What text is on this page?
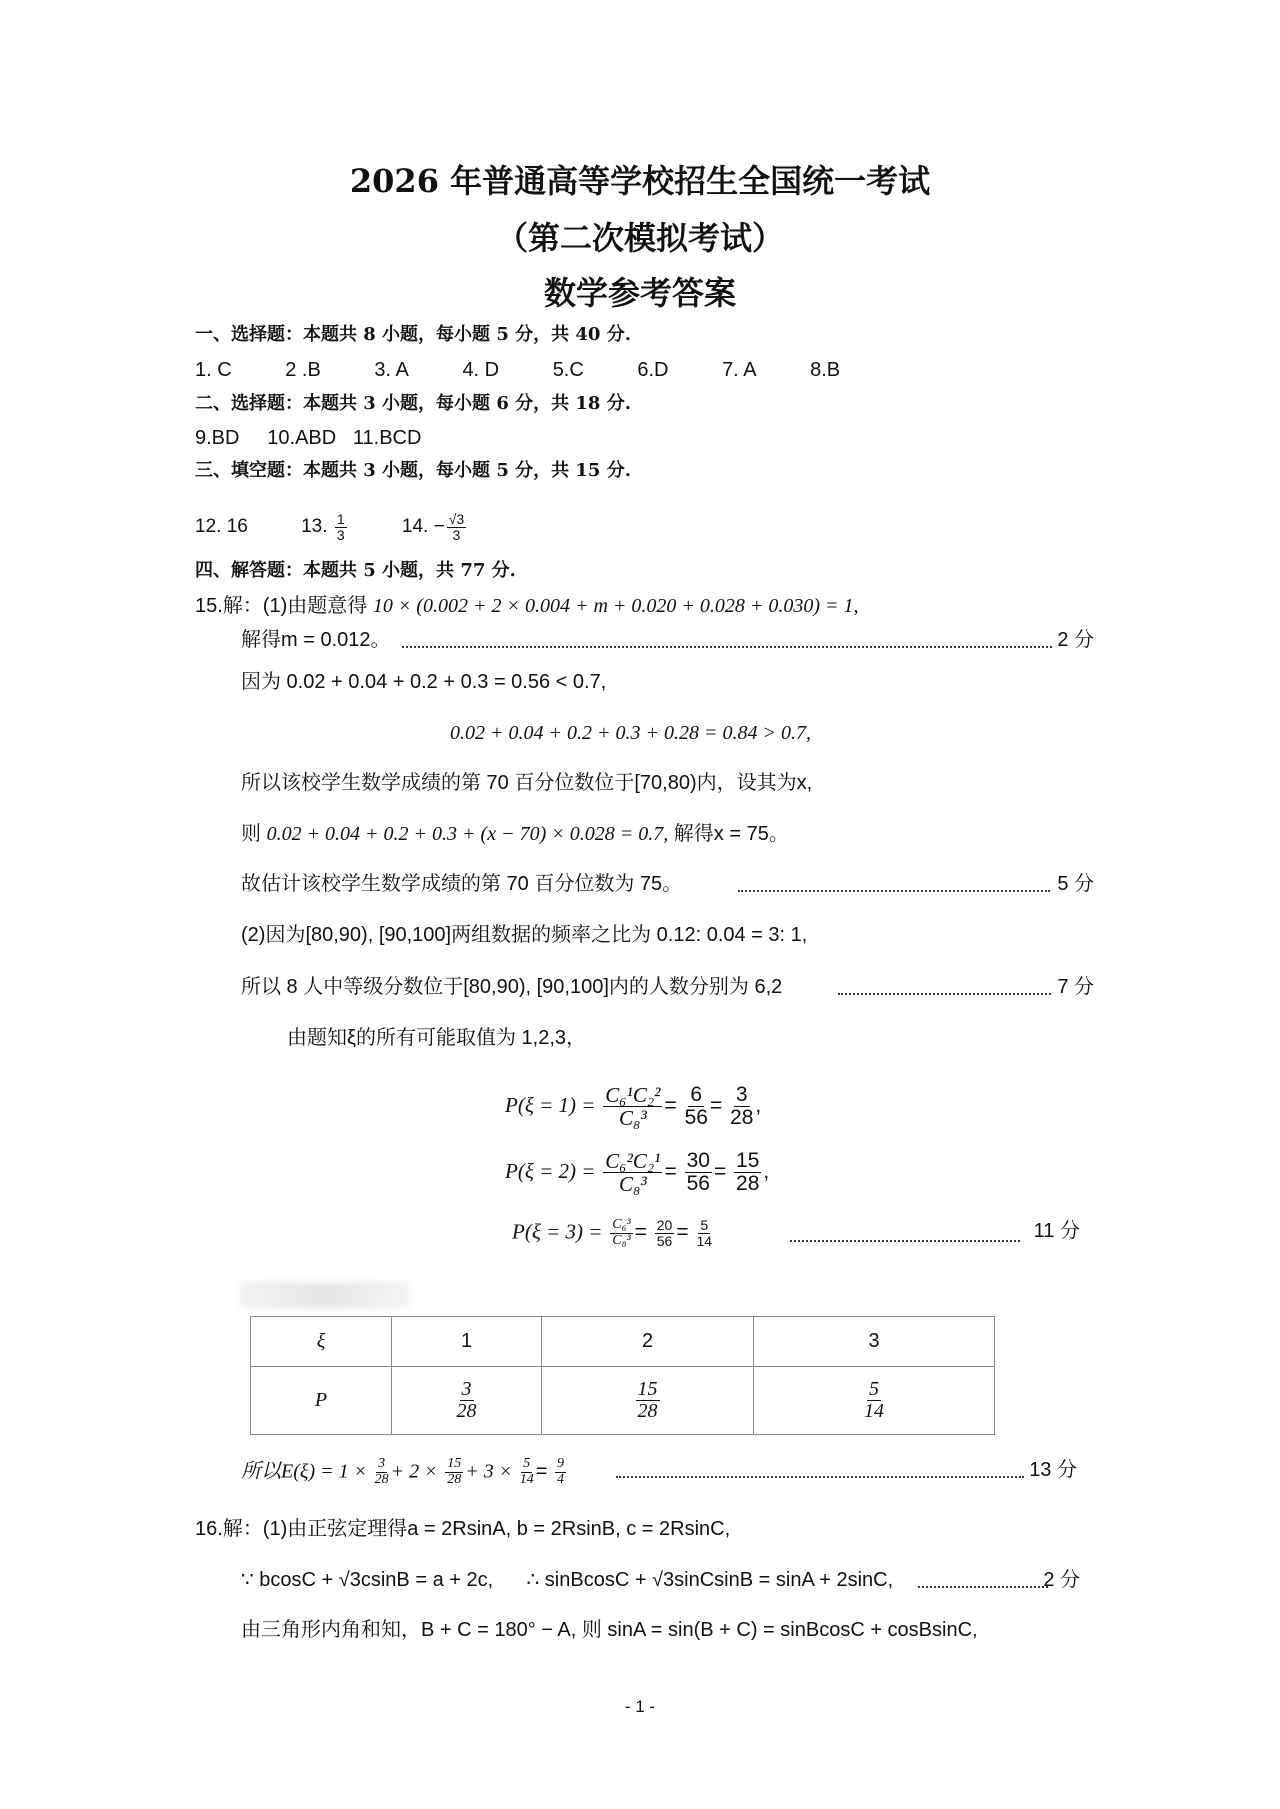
2026 年普通高等学校招生全国统一考试
（第二次模拟考试）
数学参考答案
一、选择题：本题共 8 小题，每小题 5 分，共 40 分.
1. C	2 .B	3. A	4. D	5.C	6.D	7. A	8.B
二、选择题：本题共 3 小题，每小题 6 分，共 18 分.
9.BD 10.ABD 11.BCD
三、填空题：本题共 3 小题，每小题 5 分，共 15 分.
12. 16	13. $\frac{1}{3}$	14. − $\frac{√3}{3}$
四、解答题：本题共 5 小题，共 77 分.
15.解：(1)由题意得 10 × (0.002 + 2 × 0.004 + m + 0.020 + 0.028 + 0.030) = 1,
解得m = 0.012。	2 分
因为 0.02 + 0.04 + 0.2 + 0.3 = 0.56 < 0.7,
0.02 + 0.04 + 0.2 + 0.3 + 0.28 = 0.84 > 0.7,
所以该校学生数学成绩的第 70 百分位数位于[70,80)内，设其为x,
则 0.02 + 0.04 + 0.2 + 0.3 + (x − 70) × 0.028 = 0.7, 解得x = 75。
故估计该校学生数学成绩的第 70 百分位数为 75。	5 分
(2)因为[80,90), [90,100]两组数据的频率之比为 0.12: 0.04 = 3: 1,
所以 8 人中等级分数位于[80,90), [90,100]内的人数分别为 6,2	7 分
由题知ξ的所有可能取值为 1,2,3，
$P(\xi = 1) = \frac{\text{C₆¹C₂²}}{\text{C₈³}} = \frac{6}{56} = \frac{3}{28}$ ,
$P(\xi = 2) = \frac{\text{C₆²C₂¹}}{\text{C₈³}} = \frac{30}{56} = \frac{15}{28}$ ,
$P(\xi = 3) = \frac{\text{C₆³}}{\text{C₈³}} = \frac{20}{56} = \frac{5}{14}$	11 分
ξ	1	2	3
P	$\frac{3}{28}$	$\frac{15}{28}$	$\frac{5}{14}$
所以$E(\xi) = 1 \times \frac{3}{28} + 2 \times \frac{15}{28} + 3 \times \frac{5}{14} = \frac{9}{4}$	13 分
16.解：(1)由正弦定理得a = 2RsinA, b = 2RsinB, c = 2RsinC,
∵ bcosC + √3csinB = a + 2c, ∴ sinBcosC + √3sinCsinB = sinA + 2sinC,	2 分
由三角形内角和知，B + C = 180° − A, 则 sinA = sin(B + C) = sinBcosC + cosBsinC,
- 1 -
